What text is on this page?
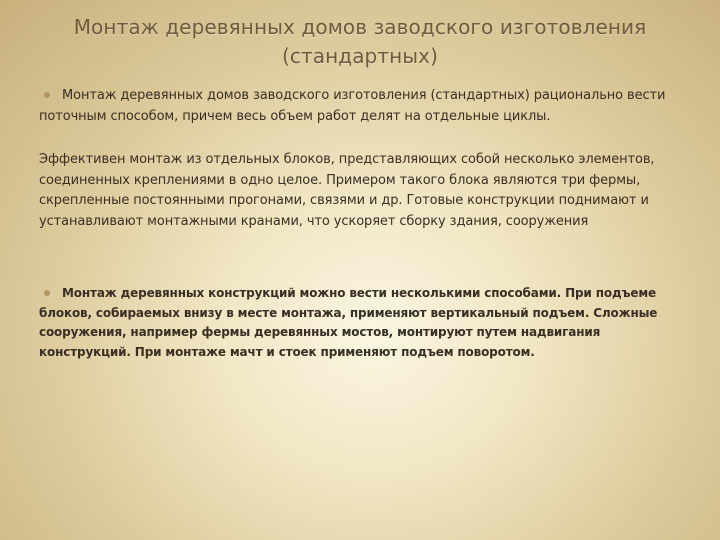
Монтаж деревянных домов заводского изготовления (стандартных)

Монтаж деревянных домов заводского изготовления (стандартных) рационально вести поточным способом, причем весь объем работ делят на отдельные циклы.

Эффективен монтаж из отдельных блоков, представляющих собой несколько элементов, соединенных креплениями в одно целое. Примером такого блока являются три фермы, скрепленные постоянными прогонами, связями и др. Готовые конструкции поднимают и устанавливают монтажными кранами, что ускоряет сборку здания, сооружения

Монтаж деревянных конструкций можно вести несколькими способами. При подъеме блоков, собираемых внизу в месте монтажа, применяют вертикальный подъем. Сложные сооружения, например фермы деревянных мостов, монтируют путем надвигания конструкций. При монтаже мачт и стоек применяют подъем поворотом.
